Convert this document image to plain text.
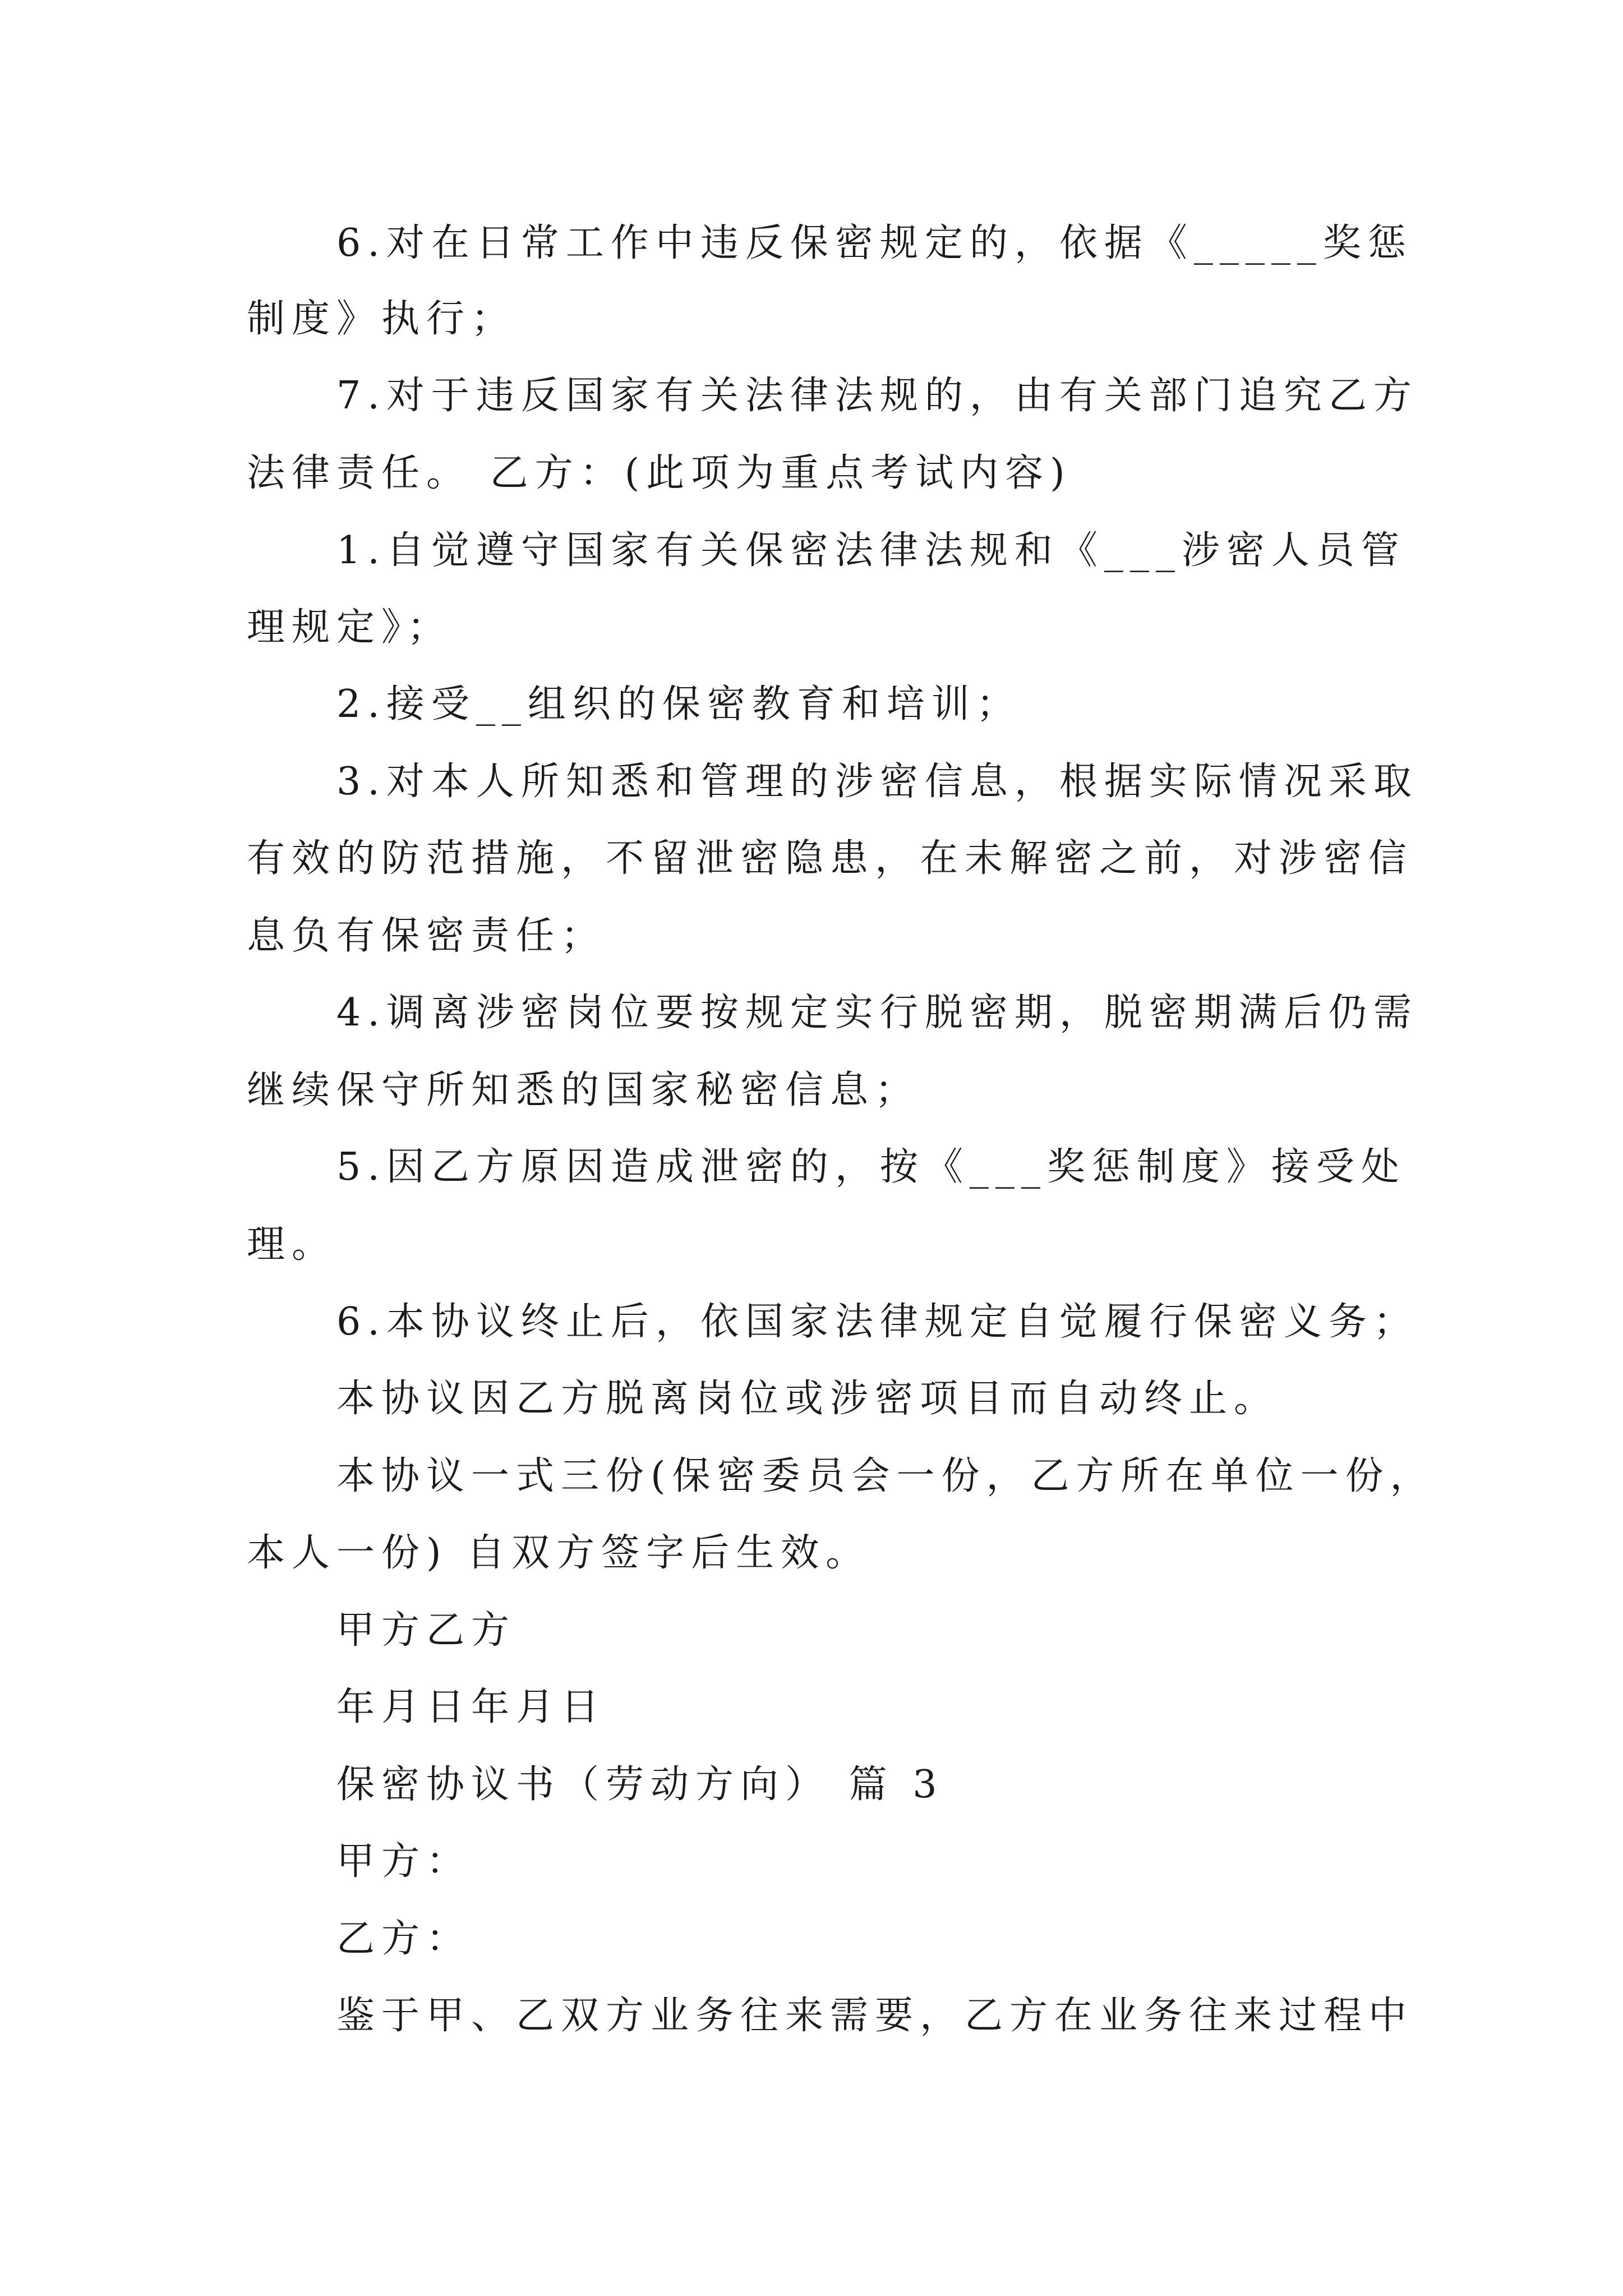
6.对在日常工作中违反保密规定的，依据《_____奖惩
制度》执行；
7.对于违反国家有关法律法规的，由有关部门追究乙方
法律责任。 乙方：(此项为重点考试内容)
1.自觉遵守国家有关保密法律法规和《___涉密人员管
理规定》；
2.接受__组织的保密教育和培训；
3.对本人所知悉和管理的涉密信息，根据实际情况采取
有效的防范措施，不留泄密隐患，在未解密之前，对涉密信
息负有保密责任；
4.调离涉密岗位要按规定实行脱密期，脱密期满后仍需
继续保守所知悉的国家秘密信息；
5.因乙方原因造成泄密的，按《___奖惩制度》接受处
理。
6.本协议终止后，依国家法律规定自觉履行保密义务；
本协议因乙方脱离岗位或涉密项目而自动终止。
本协议一式三份(保密委员会一份，乙方所在单位一份，
本人一份) 自双方签字后生效。
甲方乙方
年月日年月日
保密协议书（劳动方向） 篇 3
甲方：
乙方：
鉴于甲、乙双方业务往来需要，乙方在业务往来过程中
